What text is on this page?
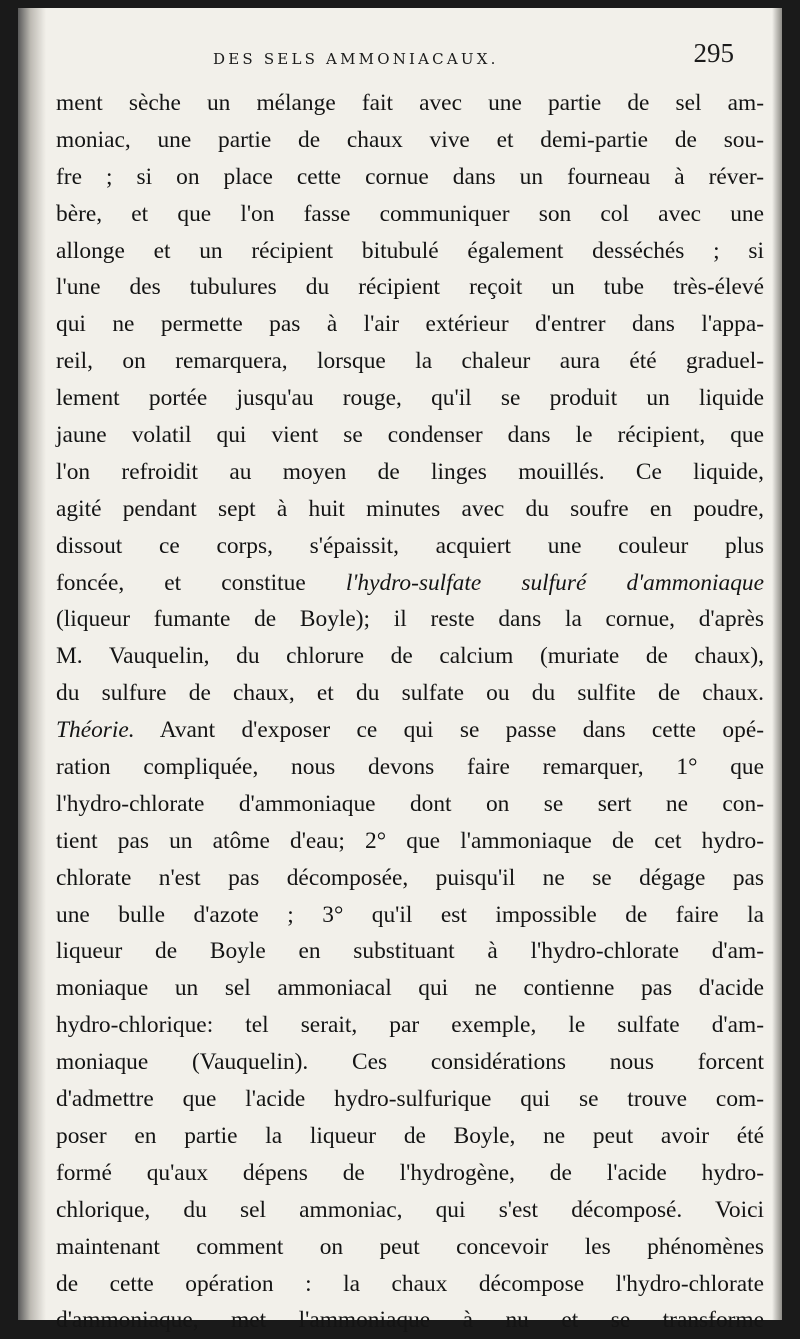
DES SELS AMMONIACAUX.	295
ment sèche un mélange fait avec une partie de sel am-
moniac, une partie de chaux vive et demi-partie de sou-
fre ; si on place cette cornue dans un fourneau à réver-
bère, et que l'on fasse communiquer son col avec une
allonge et un récipient bitubulé également desséchés ; si
l'une des tubulures du récipient reçoit un tube très-élevé
qui ne permette pas à l'air extérieur d'entrer dans l'appa-
reil, on remarquera, lorsque la chaleur aura été graduel-
lement portée jusqu'au rouge, qu'il se produit un liquide
jaune volatil qui vient se condenser dans le récipient, que
l'on refroidit au moyen de linges mouillés. Ce liquide,
agité pendant sept à huit minutes avec du soufre en poudre,
dissout ce corps, s'épaissit, acquiert une couleur plus
foncée, et constitue l'hydro-sulfate sulfuré d'ammoniaque
(liqueur fumante de Boyle); il reste dans la cornue, d'après
M. Vauquelin, du chlorure de calcium (muriate de chaux),
du sulfure de chaux, et du sulfate ou du sulfite de chaux.
Théorie. Avant d'exposer ce qui se passe dans cette opé-
ration compliquée, nous devons faire remarquer, 1° que
l'hydro-chlorate d'ammoniaque dont on se sert ne con-
tient pas un atôme d'eau; 2° que l'ammoniaque de cet hydro-
chlorate n'est pas décomposée, puisqu'il ne se dégage pas
une bulle d'azote ; 3° qu'il est impossible de faire la
liqueur de Boyle en substituant à l'hydro-chlorate d'am-
moniaque un sel ammoniacal qui ne contienne pas d'acide
hydro-chlorique: tel serait, par exemple, le sulfate d'am-
moniaque (Vauquelin). Ces considérations nous forcent
d'admettre que l'acide hydro-sulfurique qui se trouve com-
poser en partie la liqueur de Boyle, ne peut avoir été
formé qu'aux dépens de l'hydrogène, de l'acide hydro-
chlorique, du sel ammoniac, qui s'est décomposé. Voici
maintenant comment on peut concevoir les phénomènes
de cette opération : la chaux décompose l'hydro-chlorate
d'ammoniaque, met l'ammoniaque à nu et se transforme
